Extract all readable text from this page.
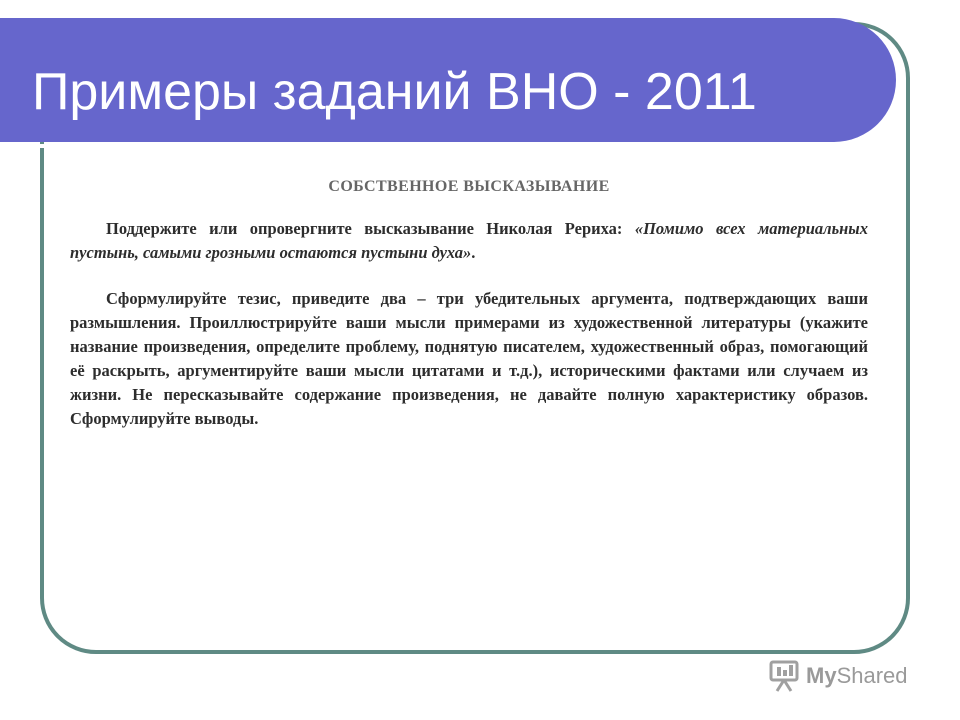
Примеры заданий ВНО - 2011
СОБСТВЕННОЕ ВЫСКАЗЫВАНИЕ

Поддержите или опровергните высказывание Николая Рериха: «Помимо всех материальных пустынь, самыми грозными остаются пустыни духа».

Сформулируйте тезис, приведите два – три убедительных аргумента, подтверждающих ваши размышления. Проиллюстрируйте ваши мысли примерами из художественной литературы (укажите название произведения, определите проблему, поднятую писателем, художественный образ, помогающий её раскрыть, аргументируйте ваши мысли цитатами и т.д.), историческими фактами или случаем из жизни. Не пересказывайте содержание произведения, не давайте полную характеристику образов. Сформулируйте выводы.

MyShared
